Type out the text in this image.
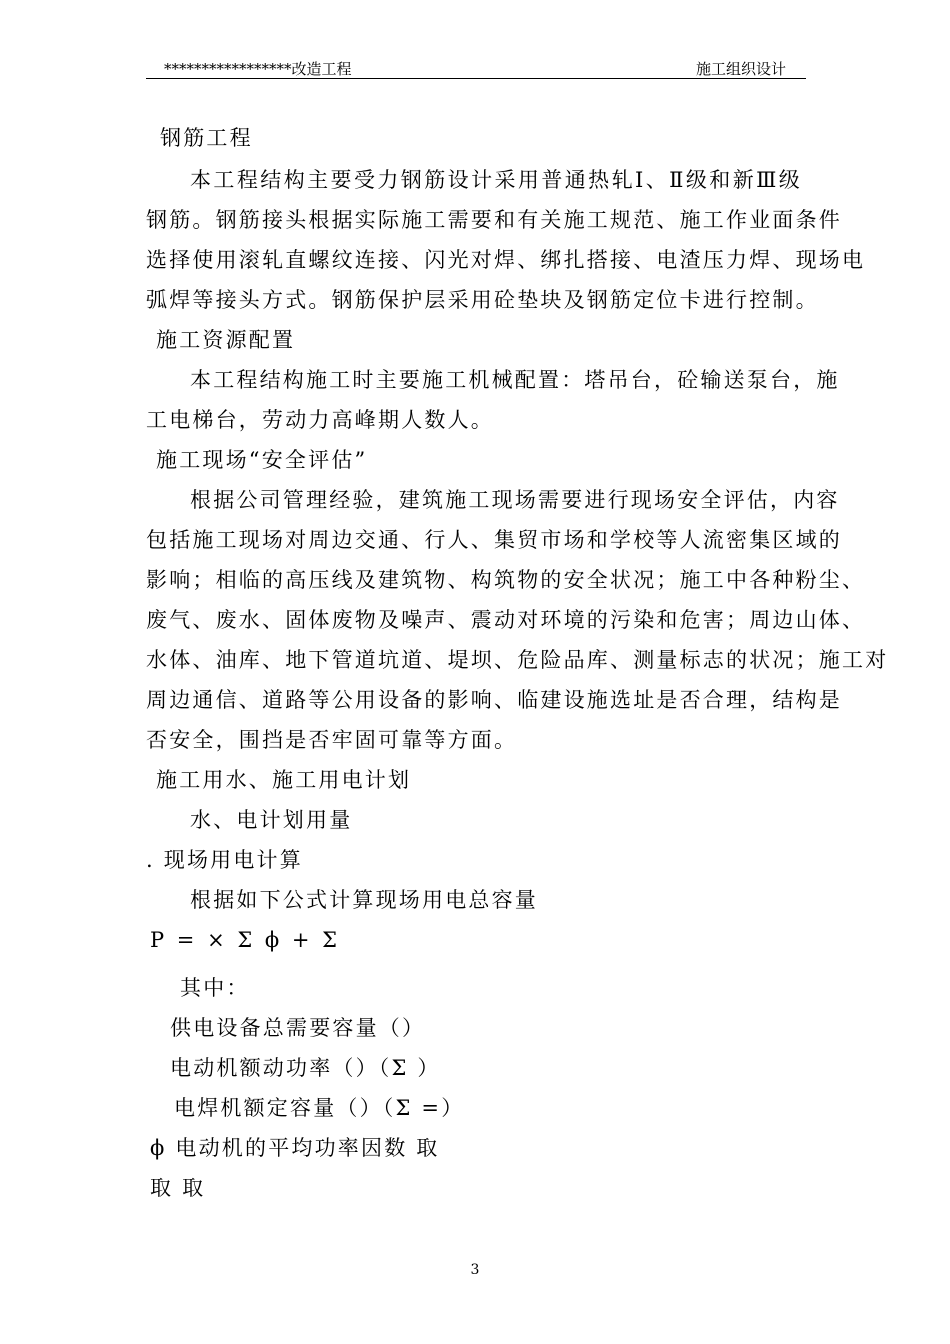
*****************改造工程	施工组织设计
钢筋工程
本工程结构主要受力钢筋设计采用普通热轧Ⅰ、Ⅱ级和新Ⅲ级
钢筋。钢筋接头根据实际施工需要和有关施工规范、施工作业面条件
选择使用滚轧直螺纹连接、闪光对焊、绑扎搭接、电渣压力焊、现场电
弧焊等接头方式。钢筋保护层采用砼垫块及钢筋定位卡进行控制。
施工资源配置
本工程结构施工时主要施工机械配置：塔吊台，砼输送泵台，施
工电梯台，劳动力高峰期人数人。
施工现场“安全评估”
根据公司管理经验，建筑施工现场需要进行现场安全评估，内容
包括施工现场对周边交通、行人、集贸市场和学校等人流密集区域的
影响；相临的高压线及建筑物、构筑物的安全状况；施工中各种粉尘、
废气、废水、固体废物及噪声、震动对环境的污染和危害；周边山体、
水体、油库、地下管道坑道、堤坝、危险品库、测量标志的状况；施工对
周边通信、道路等公用设备的影响、临建设施选址是否合理，结构是
否安全，围挡是否牢固可靠等方面。
施工用水、施工用电计划
水、电计划用量
. 现场用电计算
根据如下公式计算现场用电总容量
P = × Σ ϕ + Σ
其中：
供电设备总需要容量（）
电动机额动功率（）（Σ ）
电焊机额定容量（）（Σ =）
ϕ 电动机的平均功率因数 取
取 取
3
